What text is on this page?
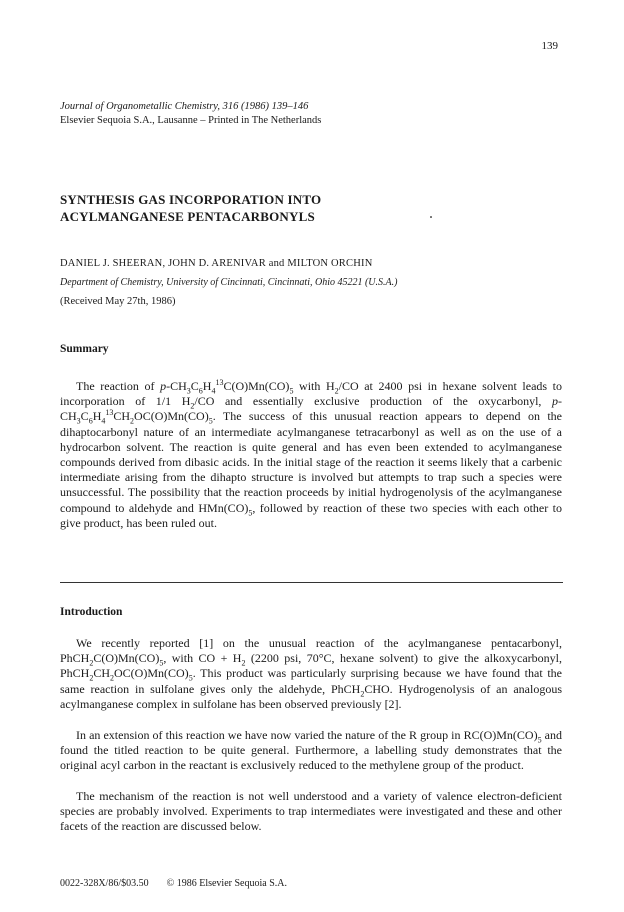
139
Journal of Organometallic Chemistry, 316 (1986) 139–146
Elsevier Sequoia S.A., Lausanne – Printed in The Netherlands
SYNTHESIS GAS INCORPORATION INTO
ACYLMANGANESE PENTACARBONYLS
DANIEL J. SHEERAN, JOHN D. ARENIVAR and MILTON ORCHIN
Department of Chemistry, University of Cincinnati, Cincinnati, Ohio 45221 (U.S.A.)
(Received May 27th, 1986)
Summary
The reaction of $p-CH_3C_6H_4^{13}C(O)Mn(CO)_5$ with $H_2/CO$ at 2400 psi in hexane solvent leads to incorporation of 1/1 $H_2/CO$ and essentially exclusive production of the oxycarbonyl, $p-CH_3C_6H_4^{13}CH_2OC(O)Mn(CO)_5$. The success of this unusual reaction appears to depend on the dihaptocarbonyl nature of an intermediate acylmanganese tetracarbonyl as well as on the use of a hydrocarbon solvent. The reaction is quite general and has even been extended to acylmanganese compounds derived from dibasic acids. In the initial stage of the reaction it seems likely that a carbenic intermediate arising from the dihapto structure is involved but attempts to trap such a species were unsuccessful. The possibility that the reaction proceeds by initial hydrogenolysis of the acylmanganese compound to aldehyde and $HMn(CO)_5$, followed by reaction of these two species with each other to give product, has been ruled out.
Introduction
We recently reported [1] on the unusual reaction of the acylmanganese pentacarbonyl, $PhCH_2C(O)Mn(CO)_5$, with CO + $H_2$ (2200 psi, 70°C, hexane solvent) to give the alkoxycarbonyl, $PhCH_2CH_2OC(O)Mn(CO)_5$. This product was particularly surprising because we have found that the same reaction in sulfolane gives only the aldehyde, PhCH$_2$CHO. Hydrogenolysis of an analogous acylmanganese complex in sulfolane has been observed previously [2].
In an extension of this reaction we have now varied the nature of the R group in $RC(O)Mn(CO)_5$ and found the titled reaction to be quite general. Furthermore, a labelling study demonstrates that the original acyl carbon in the reactant is exclusively reduced to the methylene group of the product.
The mechanism of the reaction is not well understood and a variety of valence electron-deficient species are probably involved. Experiments to trap intermediates were investigated and these and other facets of the reaction are discussed below.
0022-328X/86/$03.50 © 1986 Elsevier Sequoia S.A.
